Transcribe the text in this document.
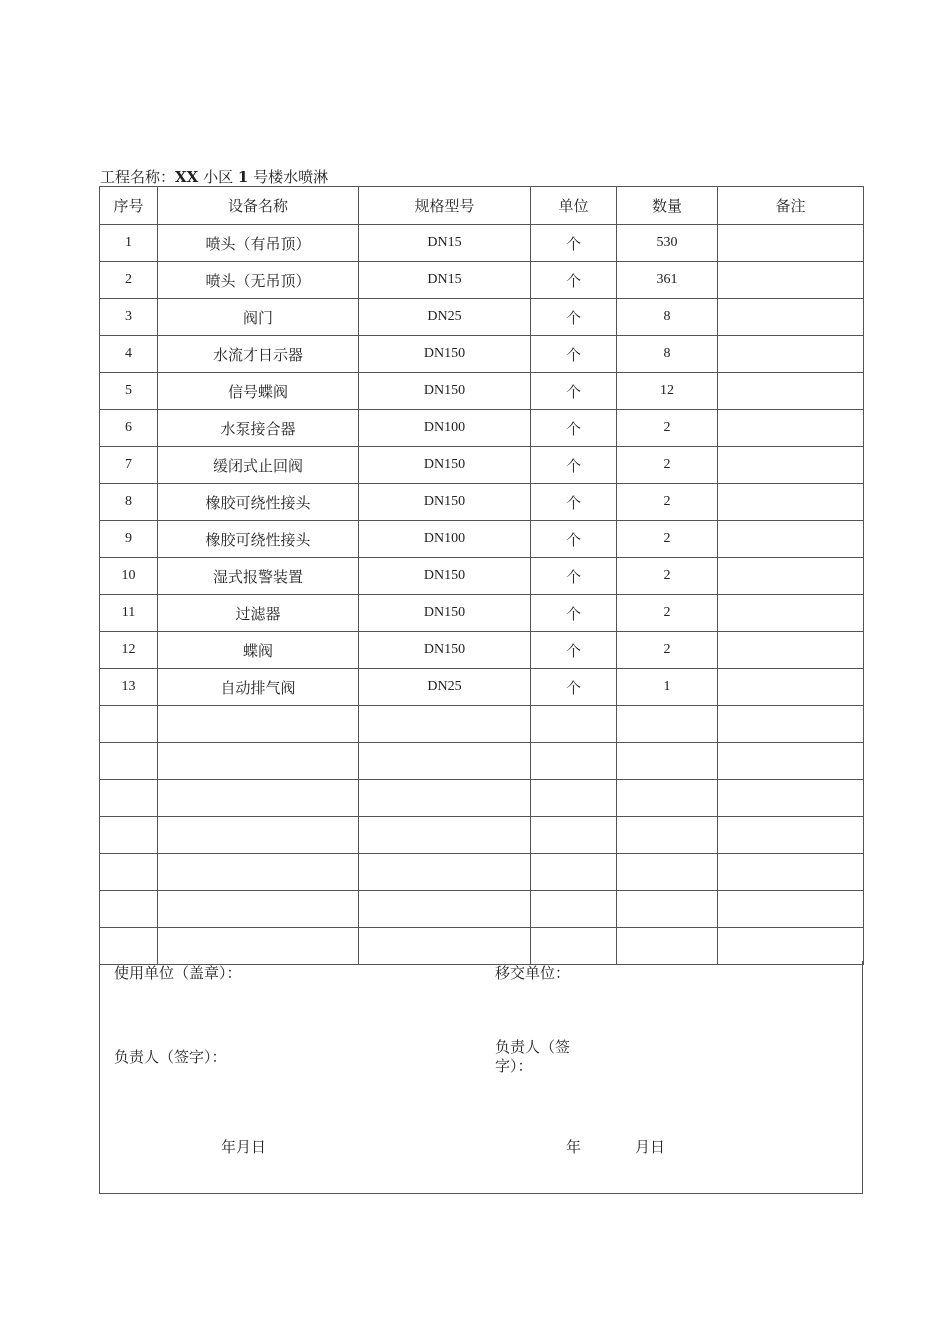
工程名称：XX 小区 1 号楼水喷淋
序号	设备名称	规格型号	单位	数量	备注
1	喷头（有吊顶）	DN15	个	530	
2	喷头（无吊顶）	DN15	个	361	
3	阀门	DN25	个	8	
4	水流才日示器	DN150	个	8	
5	信号蝶阀	DN150	个	12	
6	水泵接合器	DN100	个	2	
7	缓闭式止回阀	DN150	个	2	
8	橡胶可绕性接头	DN150	个	2	
9	橡胶可绕性接头	DN100	个	2	
10	湿式报警装置	DN150	个	2	
11	过滤器	DN150	个	2	
12	蝶阀	DN150	个	2	
13	自动排气阀	DN25	个	1	

使用单位（盖章）：	移交单位：
负责人（签字）：
负责人（签
字）：
年月日	年	月日
